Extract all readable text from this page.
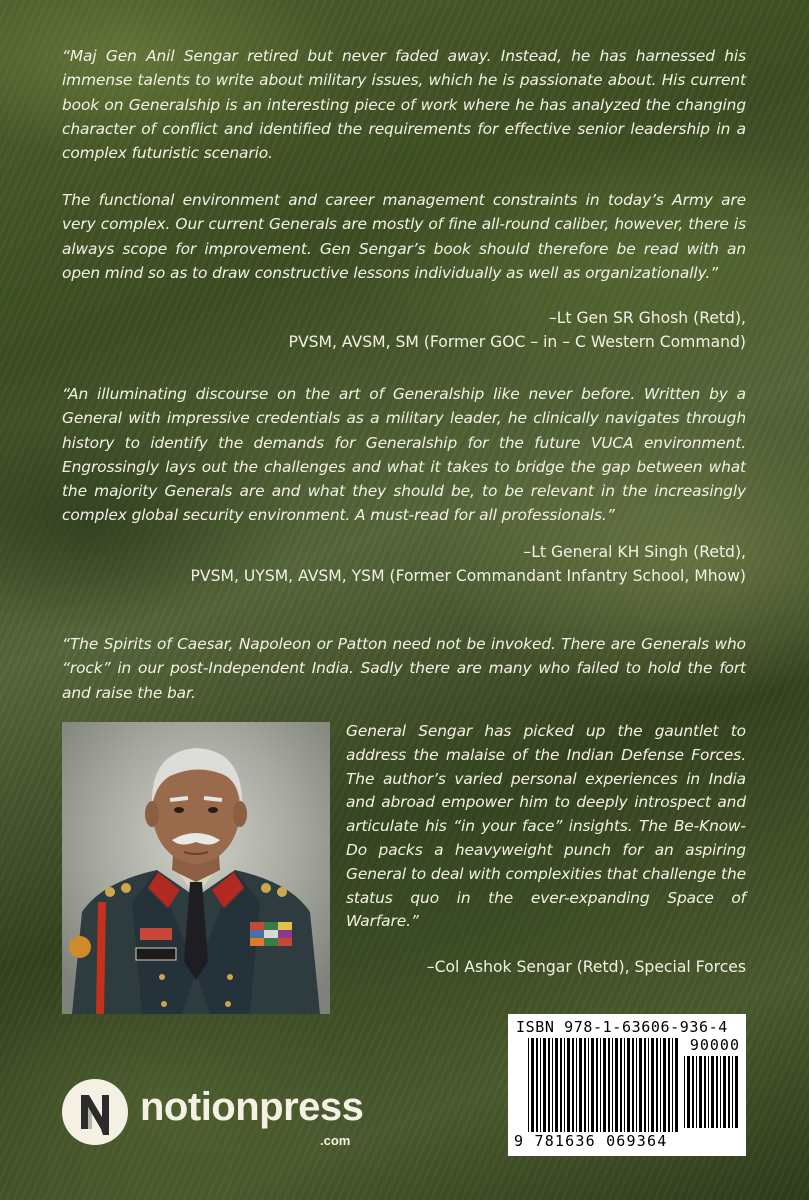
“Maj Gen Anil Sengar retired but never faded away. Instead, he has harnessed his immense talents to write about military issues, which he is passionate about. His current book on Generalship is an interesting piece of work where he has analyzed the changing character of conflict and identified the requirements for effective senior leadership in a complex futuristic scenario.

The functional environment and career management constraints in today’s Army are very complex. Our current Generals are mostly of fine all-round caliber, however, there is always scope for improvement. Gen Sengar’s book should therefore be read with an open mind so as to draw constructive lessons individually as well as organizationally.”

–Lt Gen SR Ghosh (Retd),

PVSM, AVSM, SM (Former GOC – in – C Western Command)

“An illuminating discourse on the art of Generalship like never before. Written by a General with impressive credentials as a military leader, he clinically navigates through history to identify the demands for Generalship for the future VUCA environment. Engrossingly lays out the challenges and what it takes to bridge the gap between what the majority Generals are and what they should be, to be relevant in the increasingly complex global security environment. A must-read for all professionals.”

–Lt General KH Singh (Retd),

PVSM, UYSM, AVSM, YSM (Former Commandant Infantry School, Mhow)

“The Spirits of Caesar, Napoleon or Patton need not be invoked. There are Generals who “rock” in our post-Independent India. Sadly there are many who failed to hold the fort and raise the bar.

General Sengar has picked up the gauntlet to address the malaise of the Indian Defense Forces. The author’s varied personal experiences in India and abroad empower him to deeply introspect and articulate his “in your face” insights. The Be-Know-Do packs a heavyweight punch for an aspiring General to deal with complexities that challenge the status quo in the ever-expanding Space of Warfare.”

–Col Ashok Sengar (Retd), Special Forces

notionpress
.com
ISBN 978-1-63606-936-4
90000
9 781636 069364
